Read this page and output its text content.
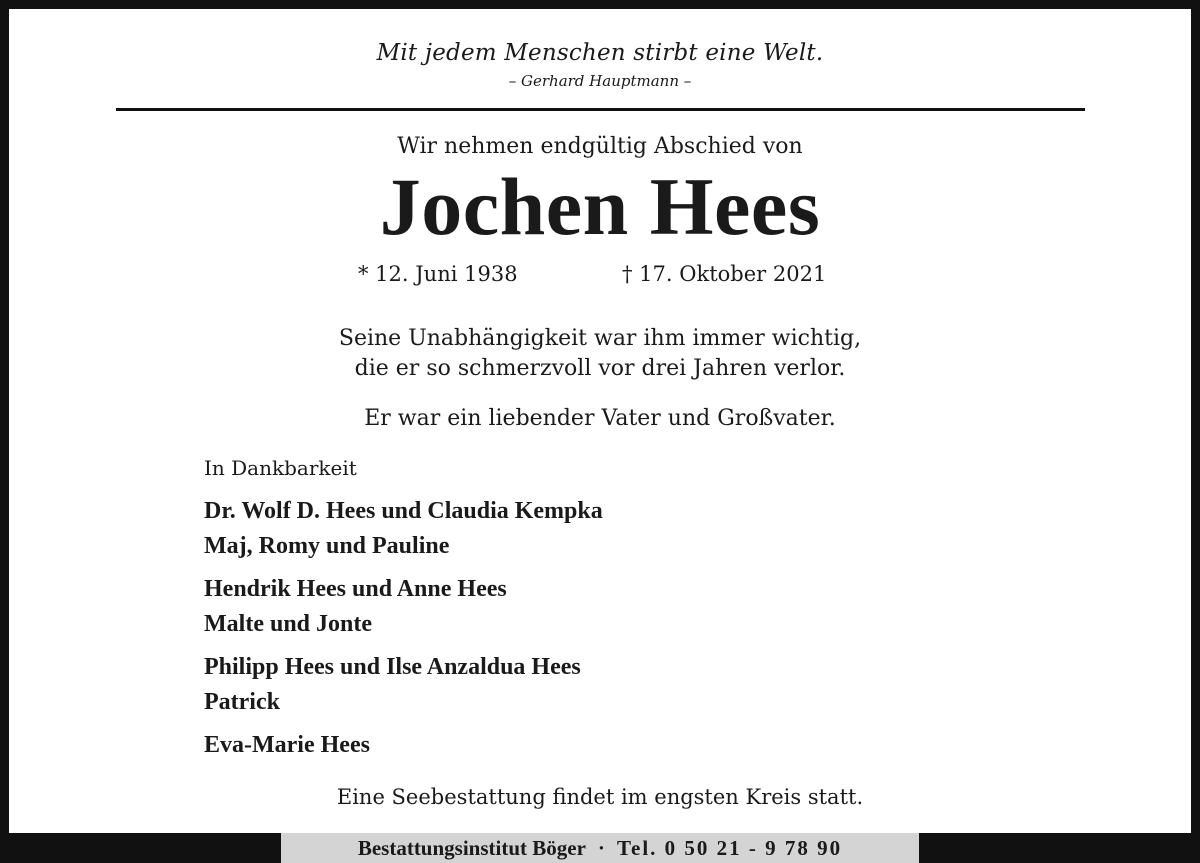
Mit jedem Menschen stirbt eine Welt.
– Gerhard Hauptmann –
Wir nehmen endgültig Abschied von
Jochen Hees
* 12. Juni 1938	† 17. Oktober 2021
Seine Unabhängigkeit war ihm immer wichtig,
die er so schmerzvoll vor drei Jahren verlor.
Er war ein liebender Vater und Großvater.
In Dankbarkeit
Dr. Wolf D. Hees und Claudia Kempka
Maj, Romy und Pauline
Hendrik Hees und Anne Hees
Malte und Jonte
Philipp Hees und Ilse Anzaldua Hees
Patrick
Eva-Marie Hees
Eine Seebestattung findet im engsten Kreis statt.
Bestattungsinstitut Böger · Tel. 0 50 21 - 9 78 90
